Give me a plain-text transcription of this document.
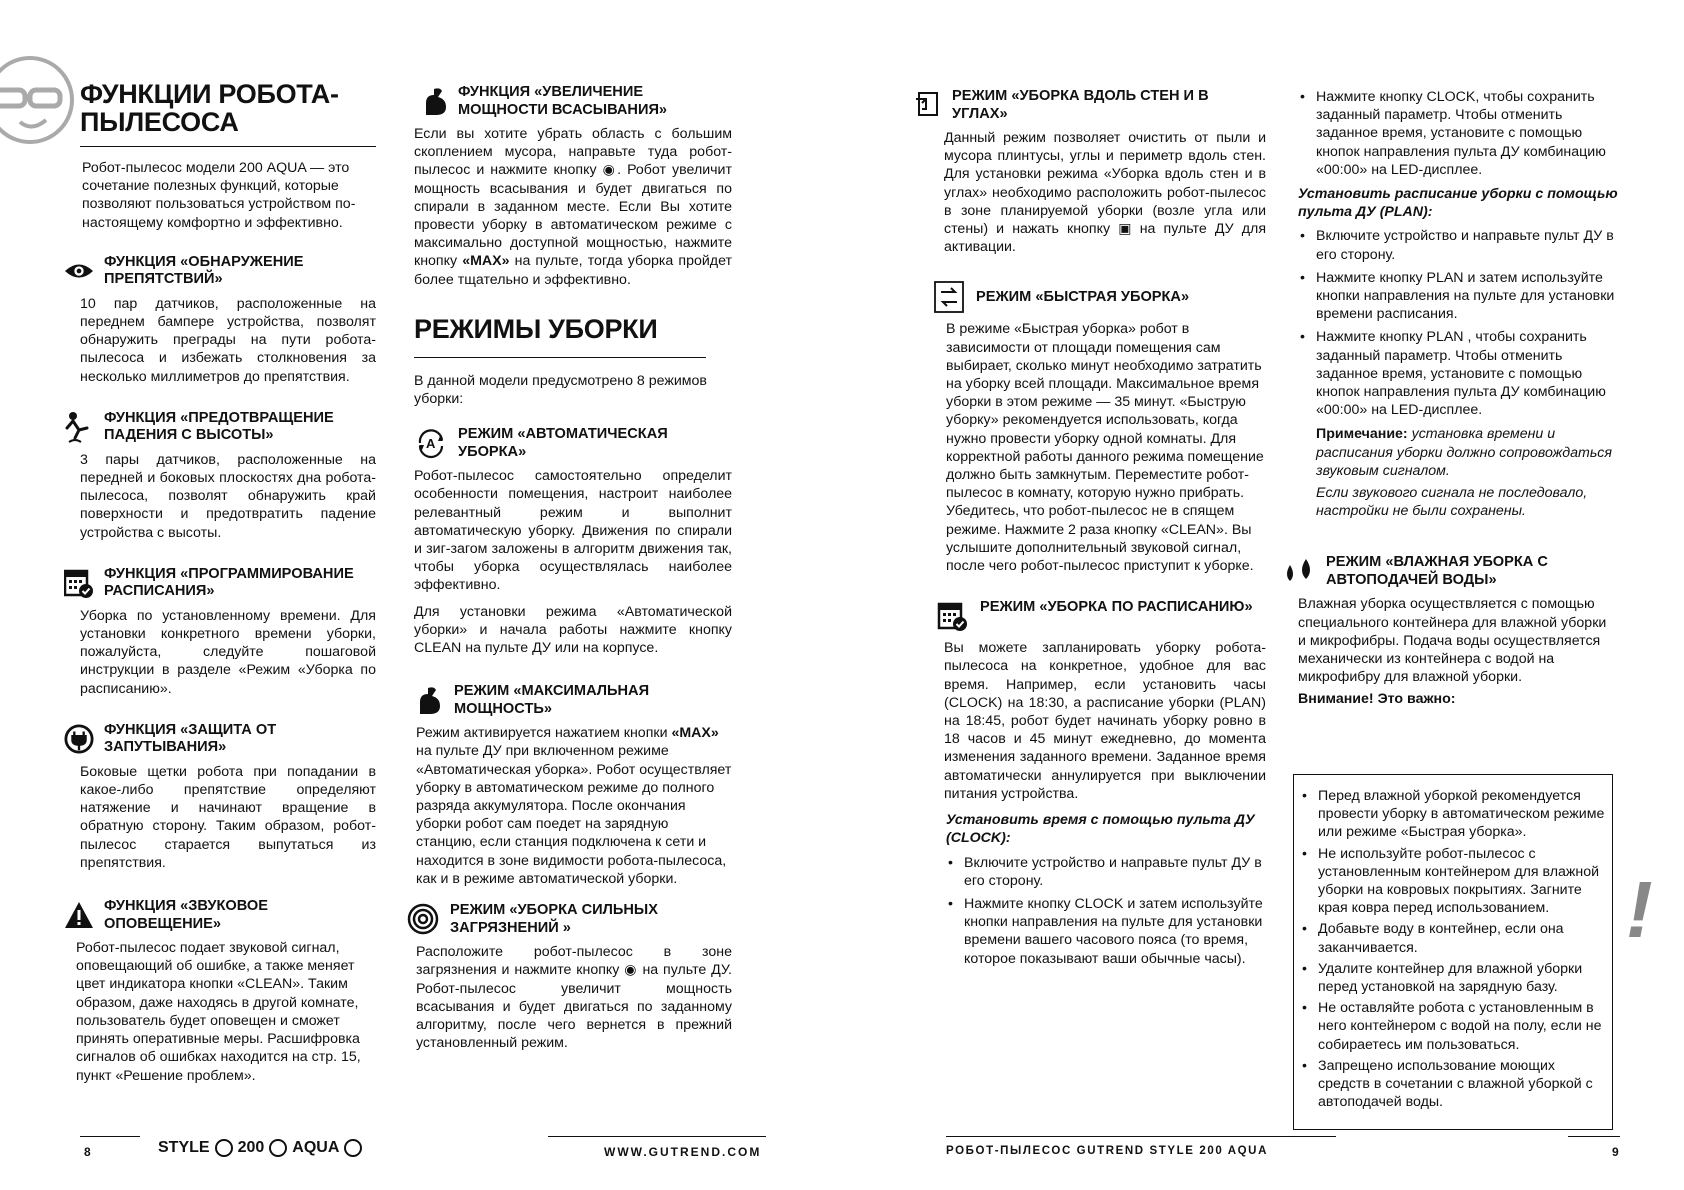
ФУНКЦИИ РОБОТА-
ПЫЛЕСОСА

Робот-пылесос модели 200 AQUA — это сочетание полезных функций, которые позволяют пользоваться устройством по-настоящему комфортно и эффективно.

ФУНКЦИЯ «ОБНАРУЖЕНИЕ ПРЕПЯТСТВИЙ»

10 пар датчиков, расположенные на переднем бампере устройства, позволят обнаружить преграды на пути робота-пылесоса и избежать столкновения за несколько миллиметров до препятствия.

ФУНКЦИЯ «ПРЕДОТВРАЩЕНИЕ ПАДЕНИЯ С ВЫСОТЫ»

3 пары датчиков, расположенные на передней и боковых плоскостях дна робота-пылесоса, позволят обнаружить край поверхности и предотвратить падение устройства с высоты.

ФУНКЦИЯ «ПРОГРАММИРОВАНИЕ РАСПИСАНИЯ»

Уборка по установленному времени. Для установки конкретного времени уборки, пожалуйста, следуйте пошаговой инструкции в разделе «Режим «Уборка по расписанию».

ФУНКЦИЯ «ЗАЩИТА ОТ ЗАПУТЫВАНИЯ»

Боковые щетки робота при попадании в какое-либо препятствие определяют натяжение и начинают вращение в обратную сторону. Таким образом, робот-пылесос старается выпутаться из препятствия.

ФУНКЦИЯ «ЗВУКОВОЕ ОПОВЕЩЕНИЕ»

Робот-пылесос подает звуковой сигнал, оповещающий об ошибке, а также меняет цвет индикатора кнопки «CLEAN». Таким образом, даже находясь в другой комнате, пользователь будет оповещен и сможет принять оперативные меры. Расшифровка сигналов об ошибках находится на стр. 15, пункт «Решение проблем».

ФУНКЦИЯ «УВЕЛИЧЕНИЕ МОЩНОСТИ ВСАСЫВАНИЯ»

Если вы хотите убрать область с большим скоплением мусора, направьте туда робот-пылесос и нажмите кнопку ◉. Робот увеличит мощность всасывания и будет двигаться по спирали в заданном месте. Если Вы хотите провести уборку в автоматическом режиме с максимально доступной мощностью, нажмите кнопку «MAX» на пульте, тогда уборка пройдет более тщательно и эффективно.

РЕЖИМЫ УБОРКИ

В данной модели предусмотрено 8 режимов уборки:

A
РЕЖИМ «АВТОМАТИЧЕСКАЯ УБОРКА»

Робот-пылесос самостоятельно определит особенности помещения, настроит наиболее релевантный режим и выполнит автоматическую уборку. Движения по спирали и зиг-загом заложены в алгоритм движения так, чтобы уборка осуществлялась наиболее эффективно.

Для установки режима «Автоматической уборки» и начала работы нажмите кнопку CLEAN на пульте ДУ или на корпусе.

РЕЖИМ «МАКСИМАЛЬНАЯ МОЩНОСТЬ»

Режим активируется нажатием кнопки «MAX» на пульте ДУ при включенном режиме «Автоматическая уборка». Робот осуществляет уборку в автоматическом режиме до полного разряда аккумулятора. После окончания уборки робот сам поедет на зарядную станцию, если станция подключена к сети и находится в зоне видимости робота-пылесоса, как и в режиме автоматической уборки.

РЕЖИМ «УБОРКА СИЛЬНЫХ ЗАГРЯЗНЕНИЙ »

Расположите робот-пылесос в зоне загрязнения и нажмите кнопку ◉ на пульте ДУ. Робот-пылесос увеличит мощность всасывания и будет двигаться по заданному алгоритму, после чего вернется в прежний установленный режим.

8	STYLE 200 AQUA	WWW.GUTREND.COM
РЕЖИМ «УБОРКА ВДОЛЬ СТЕН И В УГЛАХ»

Данный режим позволяет очистить от пыли и мусора плинтусы, углы и периметр вдоль стен. Для установки режима «Уборка вдоль стен и в углах» необходимо расположить робот-пылесос в зоне планируемой уборки (возле угла или стены) и нажать кнопку ▣ на пульте ДУ для активации.

РЕЖИМ «БЫСТРАЯ УБОРКА»

В режиме «Быстрая уборка» робот в зависимости от площади помещения сам выбирает, сколько минут необходимо затратить на уборку всей площади. Максимальное время уборки в этом режиме — 35 минут. «Быструю уборку» рекомендуется использовать, когда нужно провести уборку одной комнаты. Для корректной работы данного режима помещение должно быть замкнутым. Переместите робот-пылесос в комнату, которую нужно прибрать. Убедитесь, что робот-пылесос не в спящем режиме. Нажмите 2 раза кнопку «CLEAN». Вы услышите дополнительный звуковой сигнал, после чего робот-пылесос приступит к уборке.

РЕЖИМ «УБОРКА ПО РАСПИСАНИЮ»

Вы можете запланировать уборку робота-пылесоса на конкретное, удобное для вас время. Например, если установить часы (CLOCK) на 18:30, а расписание уборки (PLAN) на 18:45, робот будет начинать уборку ровно в 18 часов и 45 минут ежедневно, до момента изменения заданного времени. Заданное время автоматически аннулируется при выключении питания устройства.

Установить время с помощью пульта ДУ (CLOCK):
• Включите устройство и направьте пульт ДУ в его сторону.
• Нажмите кнопку CLOCK и затем используйте кнопки направления на пульте для установки времени вашего часового пояса (то время, которое показывают ваши обычные часы).
• Нажмите кнопку CLOCK, чтобы сохранить заданный параметр. Чтобы отменить заданное время, установите с помощью кнопок направления пульта ДУ комбинацию «00:00» на LED-дисплее.
Установить расписание уборки с помощью пульта ДУ (PLAN):
• Включите устройство и направьте пульт ДУ в его сторону.
• Нажмите кнопку PLAN и затем используйте кнопки направления на пульте для установки времени расписания.
• Нажмите кнопку PLAN , чтобы сохранить заданный параметр. Чтобы отменить заданное время, установите с помощью кнопок направления пульта ДУ комбинацию «00:00» на LED-дисплее.

Примечание: установка времени и расписания уборки должно сопровождаться звуковым сигналом.

Если звукового сигнала не последовало, настройки не были сохранены.

РЕЖИМ «ВЛАЖНАЯ УБОРКА С АВТОПОДАЧЕЙ ВОДЫ»

Влажная уборка осуществляется с помощью специального контейнера для влажной уборки и микрофибры. Подача воды осуществляется механически из контейнера с водой на микрофибру для влажной уборки.

Внимание! Это важно:

• Перед влажной уборкой рекомендуется провести уборку в автоматическом режиме или режиме «Быстрая уборка».
• Не используйте робот-пылесос с установленным контейнером для влажной уборки на ковровых покрытиях. Загните края ковра перед использованием.
• Добавьте воду в контейнер, если она заканчивается.
• Удалите контейнер для влажной уборки перед установкой на зарядную базу.
• Не оставляйте робота с установленным в него контейнером с водой на полу, если не собираетесь им пользоваться.
• Запрещено использование моющих средств в сочетании с влажной уборкой с автоподачей воды.
!
РОБОТ-ПЫЛЕСОС GUTREND STYLE 200 AQUA	9
